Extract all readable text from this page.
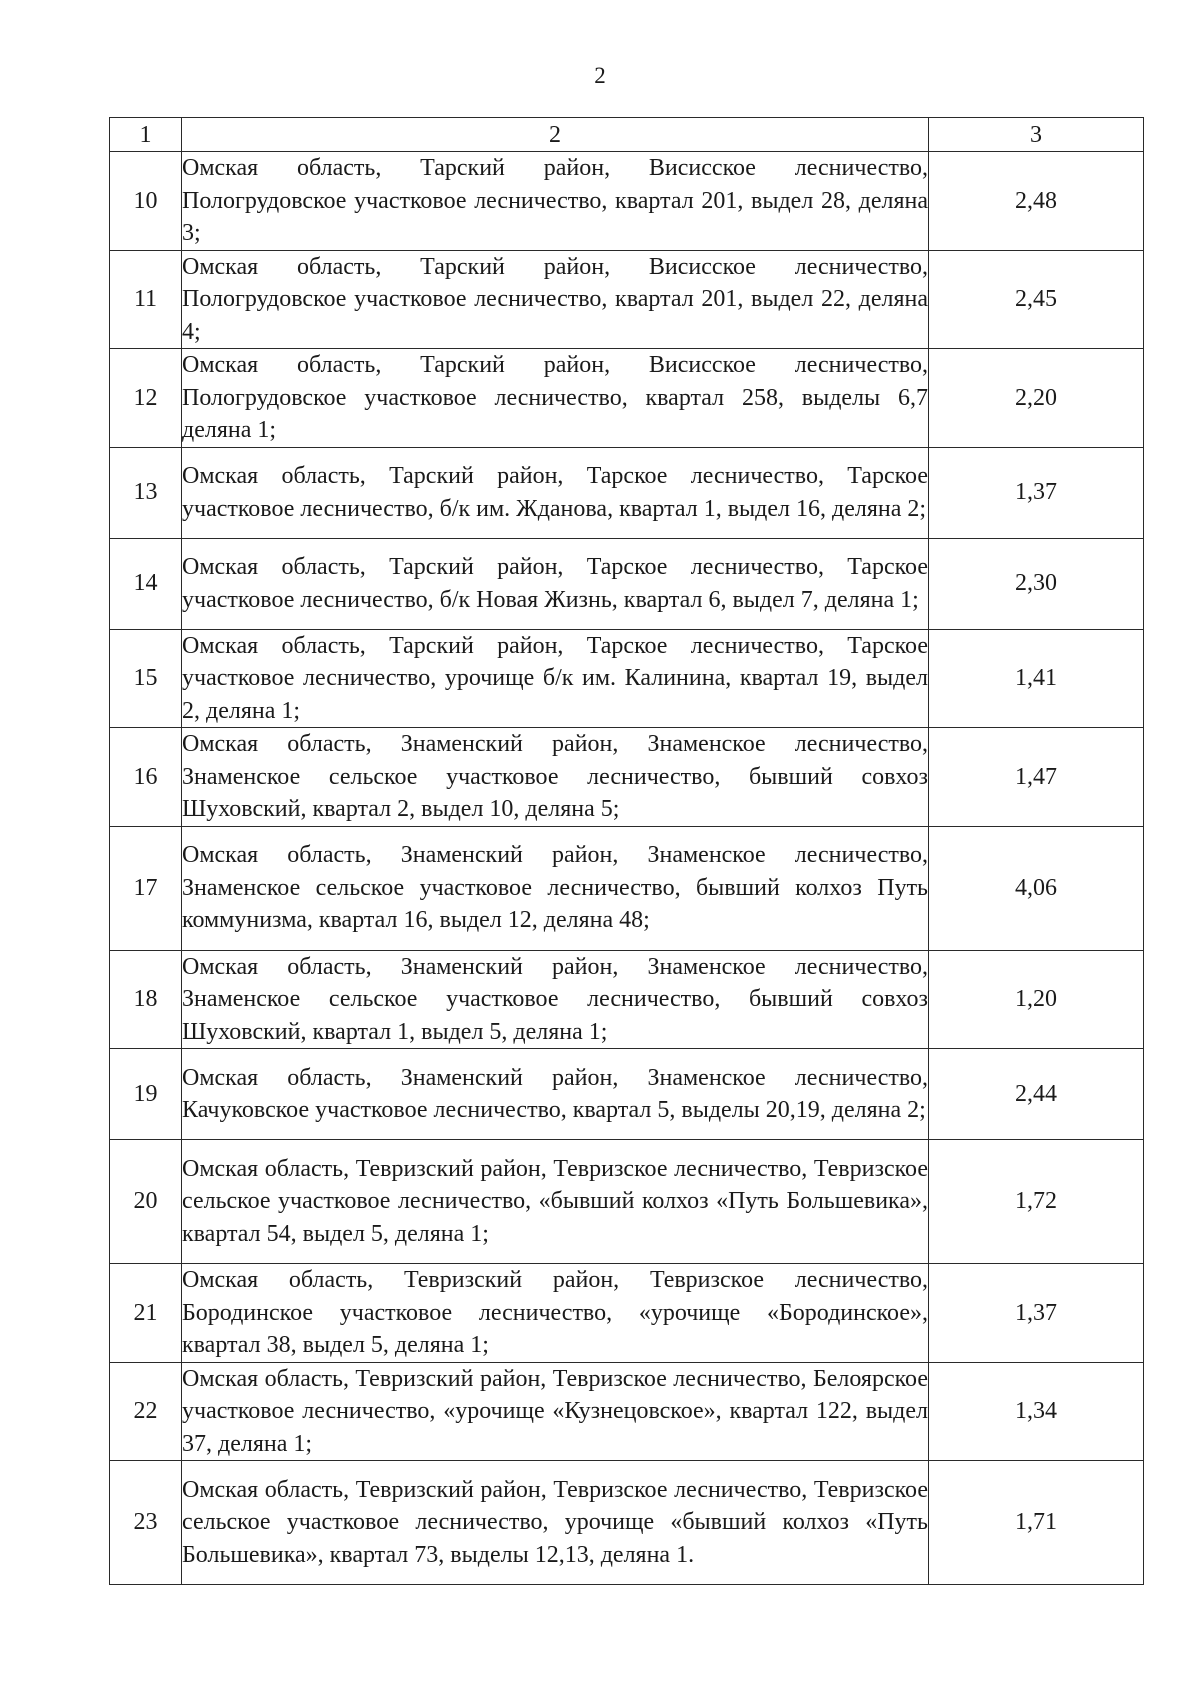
2
1	2	3
10	Омская область, Тарский район, Висисское лесничество, Пологрудовское участковое лесничество, квартал 201, выдел 28, деляна 3;	2,48
11	Омская область, Тарский район, Висисское лесничество, Пологрудовское участковое лесничество, квартал 201, выдел 22, деляна 4;	2,45
12	Омская область, Тарский район, Висисское лесничество, Пологрудовское участковое лесничество, квартал 258, выделы 6,7 деляна 1;	2,20
13	Омская область, Тарский район, Тарское лесничество, Тарское участковое лесничество, б/к им. Жданова, квартал 1, выдел 16, деляна 2;	1,37
14	Омская область, Тарский район, Тарское лесничество, Тарское участковое лесничество, б/к Новая Жизнь, квартал 6, выдел 7, деляна 1;	2,30
15	Омская область, Тарский район, Тарское лесничество, Тарское участковое лесничество, урочище б/к им. Калинина, квартал 19, выдел 2, деляна 1;	1,41
16	Омская область, Знаменский район, Знаменское лесничество, Знаменское сельское участковое лесничество, бывший совхоз Шуховский, квартал 2, выдел 10, деляна 5;	1,47
17	Омская область, Знаменский район, Знаменское лесничество, Знаменское сельское участковое лесничество, бывший колхоз Путь коммунизма, квартал 16, выдел 12, деляна 48;	4,06
18	Омская область, Знаменский район, Знаменское лесничество, Знаменское сельское участковое лесничество, бывший совхоз Шуховский, квартал 1, выдел 5, деляна 1;	1,20
19	Омская область, Знаменский район, Знаменское лесничество, Качуковское участковое лесничество, квартал 5, выделы 20,19, деляна 2;	2,44
20	Омская область, Тевризский район, Тевризское лесничество, Тевризское сельское участковое лесничество, «бывший колхоз «Путь Большевика», квартал 54, выдел 5, деляна 1;	1,72
21	Омская область, Тевризский район, Тевризское лесничество, Бородинское участковое лесничество, «урочище «Бородинское», квартал 38, выдел 5, деляна 1;	1,37
22	Омская область, Тевризский район, Тевризское лесничество, Белоярское участковое лесничество, «урочище «Кузнецовское», квартал 122, выдел 37, деляна 1;	1,34
23	Омская область, Тевризский район, Тевризское лесничество, Тевризское сельское участковое лесничество, урочище «бывший колхоз «Путь Большевика», квартал 73, выделы 12,13, деляна 1.	1,71
